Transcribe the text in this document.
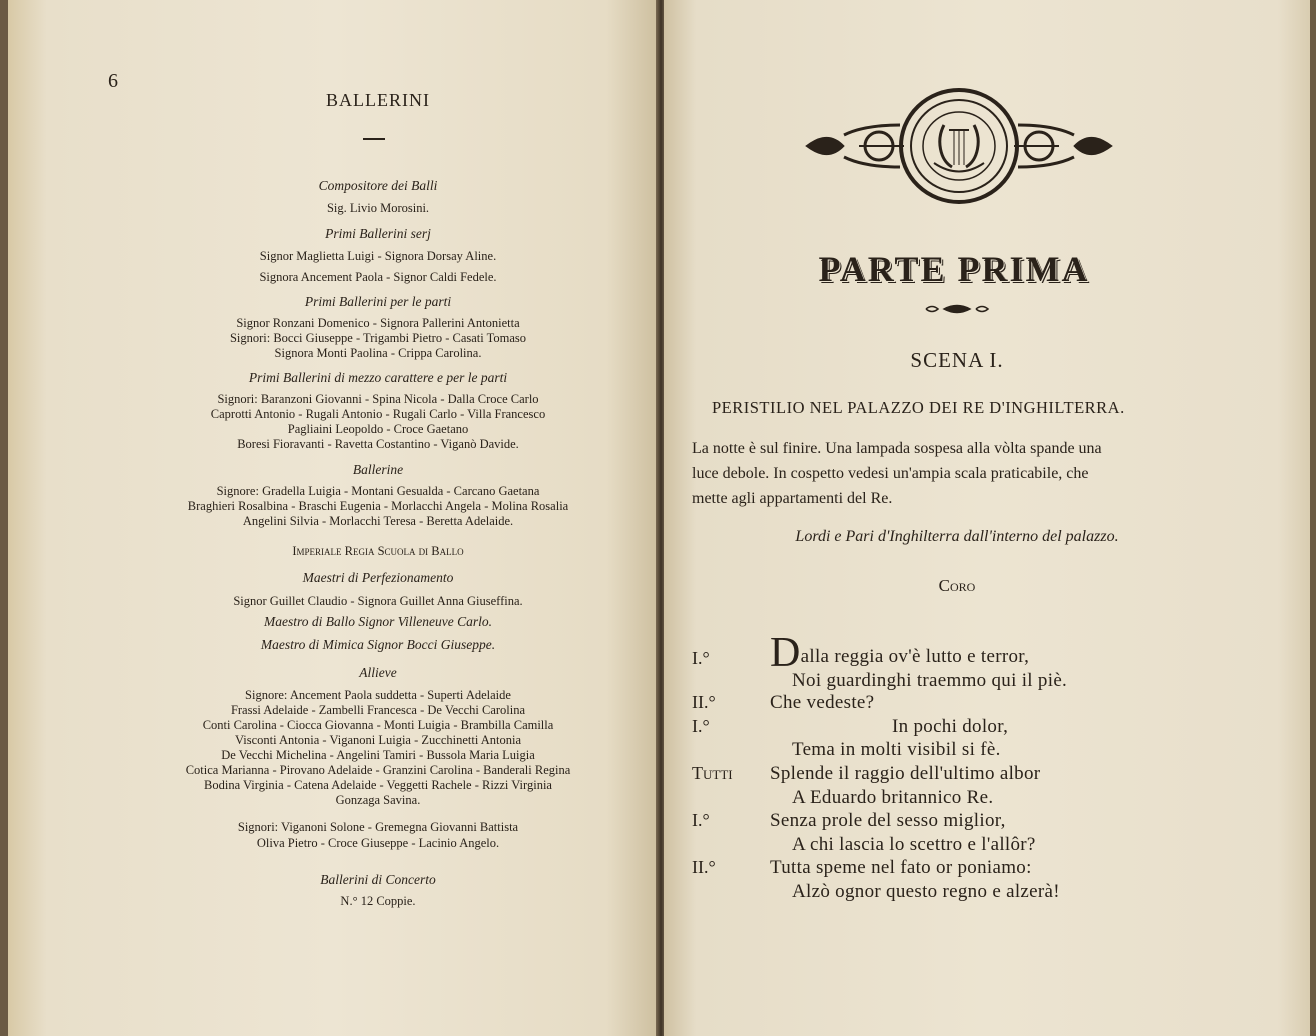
6
BALLERINI
Compositore dei Balli
Sig. Livio Morosini.
Primi Ballerini serj
Signor Maglietta Luigi - Signora Dorsay Aline.
Signora Ancement Paola - Signor Caldi Fedele.
Primi Ballerini per le parti
Signor Ronzani Domenico - Signora Pallerini Antonietta
Signori: Bocci Giuseppe - Trigambi Pietro - Casati Tomaso
Signora Monti Paolina - Crippa Carolina.
Primi Ballerini di mezzo carattere e per le parti
Signori: Baranzoni Giovanni - Spina Nicola - Dalla Croce Carlo
Caprotti Antonio - Rugali Antonio - Rugali Carlo - Villa Francesco
Pagliaini Leopoldo - Croce Gaetano
Boresi Fioravanti - Ravetta Costantino - Viganò Davide.
Ballerine
Signore: Gradella Luigia - Montani Gesualda - Carcano Gaetana
Braghieri Rosalbina - Braschi Eugenia - Morlacchi Angela - Molina Rosalia
Angelini Silvia - Morlacchi Teresa - Beretta Adelaide.
Imperiale Regia Scuola di Ballo
Maestri di Perfezionamento
Signor Guillet Claudio - Signora Guillet Anna Giuseffina.
Maestro di Ballo Signor Villeneuve Carlo.
Maestro di Mimica Signor Bocci Giuseppe.
Allieve
Signore: Ancement Paola suddetta - Superti Adelaide
Frassi Adelaide - Zambelli Francesca - De Vecchi Carolina
Conti Carolina - Ciocca Giovanna - Monti Luigia - Brambilla Camilla
Visconti Antonia - Viganoni Luigia - Zucchinetti Antonia
De Vecchi Michelina - Angelini Tamiri - Bussola Maria Luigia
Cotica Marianna - Pirovano Adelaide - Granzini Carolina - Banderali Regina
Bodina Virginia - Catena Adelaide - Veggetti Rachele - Rizzi Virginia
Gonzaga Savina.
Signori: Viganoni Solone - Gremegna Giovanni Battista
Oliva Pietro - Croce Giuseppe - Lacinio Angelo.
Ballerini di Concerto
N.° 12 Coppie.
PARTE PRIMA
SCENA I.
PERISTILIO NEL PALAZZO DEI RE D'INGHILTERRA.
La notte è sul finire. Una lampada sospesa alla vòlta spande una
luce debole. In cospetto vedesi un'ampia scala praticabile, che
mette agli appartamenti del Re.
Lordi e Pari d'Inghilterra dall'interno del palazzo.
Coro
I.° Dalla reggia ov'è lutto e terror,
Noi guardinghi traemmo qui il piè.
II.°	Che vedeste?
I.°	In pochi dolor,
Tema in molti visibil si fè.
Tutti Splende il raggio dell'ultimo albor
A Eduardo britannico Re.
I.°	Senza prole del sesso miglior,
A chi lascia lo scettro e l'allôr?
II.°	Tutta speme nel fato or poniamo:
Alzò ognor questo regno e alzerà!
